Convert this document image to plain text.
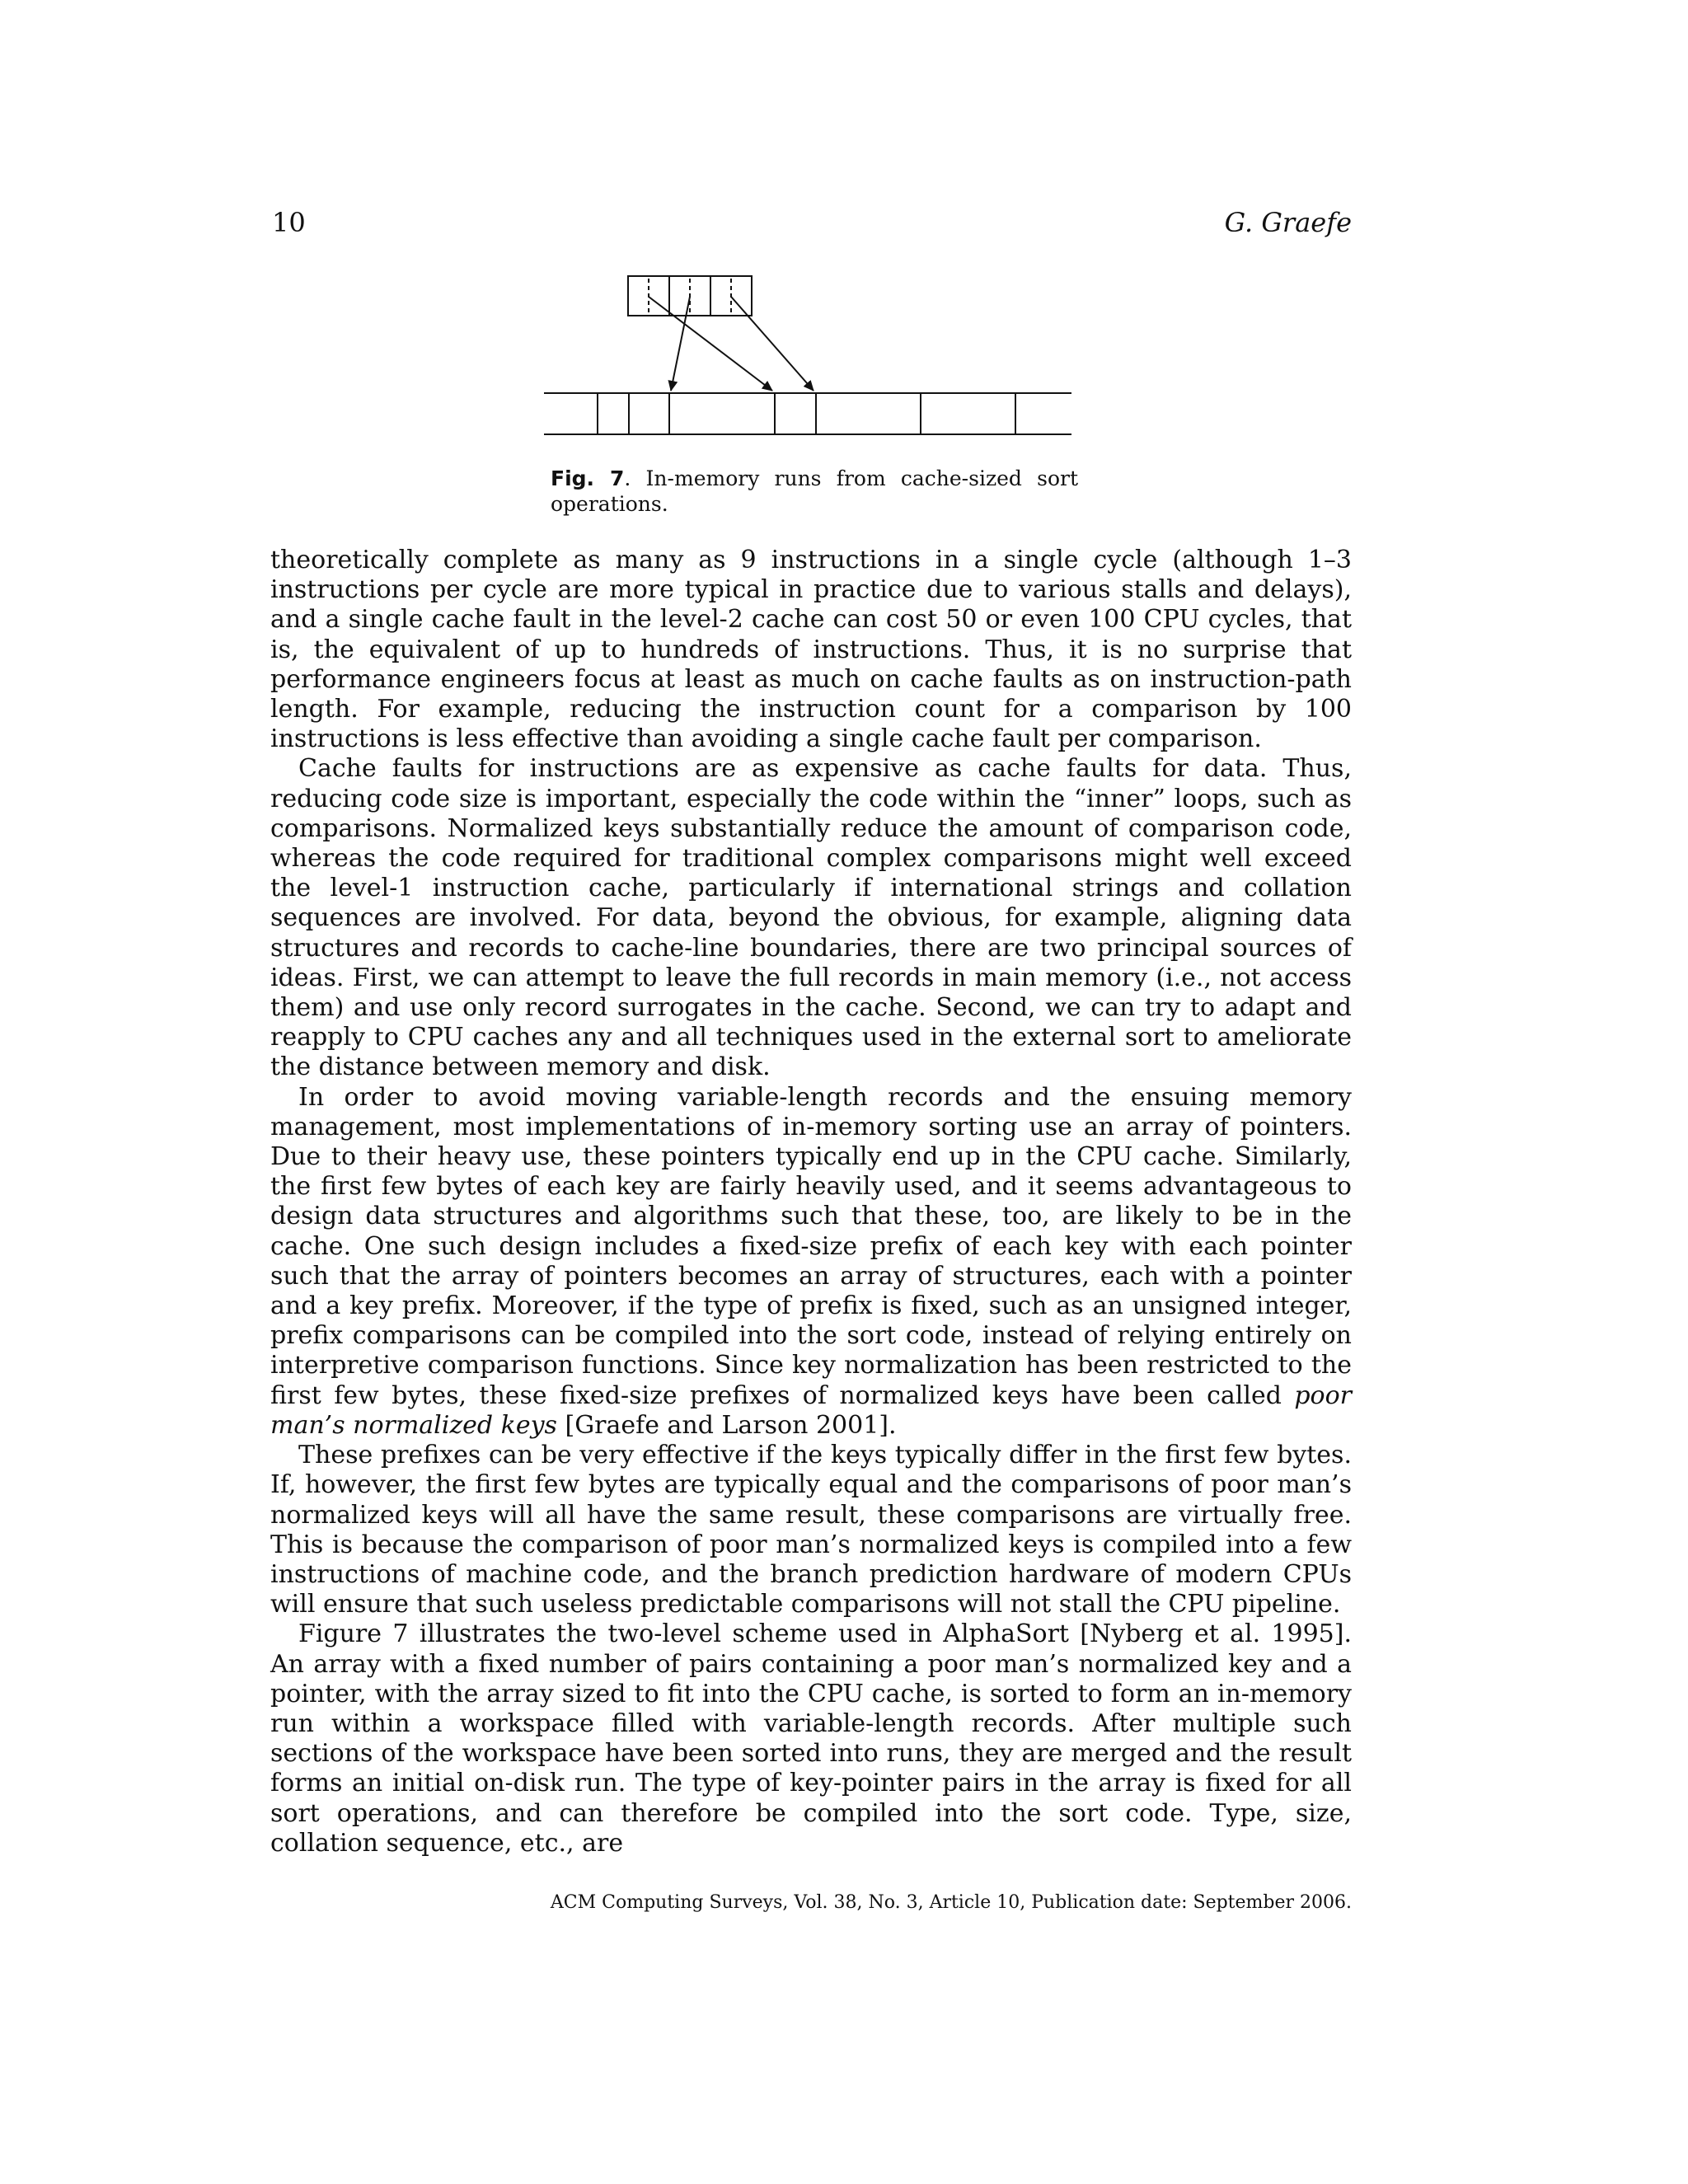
10	G. Graefe
Fig. 7. In-memory runs from cache-sized sort operations.

theoretically complete as many as 9 instructions in a single cycle (although 1–3 instructions per cycle are more typical in practice due to various stalls and delays), and a single cache fault in the level-2 cache can cost 50 or even 100 CPU cycles, that is, the equivalent of up to hundreds of instructions. Thus, it is no surprise that performance engineers focus at least as much on cache faults as on instruction-path length. For example, reducing the instruction count for a comparison by 100 instructions is less effective than avoiding a single cache fault per comparison.

Cache faults for instructions are as expensive as cache faults for data. Thus, reducing code size is important, especially the code within the “inner” loops, such as comparisons. Normalized keys substantially reduce the amount of comparison code, whereas the code required for traditional complex comparisons might well exceed the level-1 instruction cache, particularly if international strings and collation sequences are involved. For data, beyond the obvious, for example, aligning data structures and records to cache-line boundaries, there are two principal sources of ideas. First, we can attempt to leave the full records in main memory (i.e., not access them) and use only record surrogates in the cache. Second, we can try to adapt and reapply to CPU caches any and all techniques used in the external sort to ameliorate the distance between memory and disk.

In order to avoid moving variable-length records and the ensuing memory management, most implementations of in-memory sorting use an array of pointers. Due to their heavy use, these pointers typically end up in the CPU cache. Similarly, the first few bytes of each key are fairly heavily used, and it seems advantageous to design data structures and algorithms such that these, too, are likely to be in the cache. One such design includes a fixed-size prefix of each key with each pointer such that the array of pointers becomes an array of structures, each with a pointer and a key prefix. Moreover, if the type of prefix is fixed, such as an unsigned integer, prefix comparisons can be compiled into the sort code, instead of relying entirely on interpretive comparison functions. Since key normalization has been restricted to the first few bytes, these fixed-size prefixes of normalized keys have been called poor man’s normalized keys [Graefe and Larson 2001].

These prefixes can be very effective if the keys typically differ in the first few bytes. If, however, the first few bytes are typically equal and the comparisons of poor man’s normalized keys will all have the same result, these comparisons are virtually free. This is because the comparison of poor man’s normalized keys is compiled into a few instructions of machine code, and the branch prediction hardware of modern CPUs will ensure that such useless predictable comparisons will not stall the CPU pipeline.

Figure 7 illustrates the two-level scheme used in AlphaSort [Nyberg et al. 1995]. An array with a fixed number of pairs containing a poor man’s normalized key and a pointer, with the array sized to fit into the CPU cache, is sorted to form an in-memory run within a workspace filled with variable-length records. After multiple such sections of the workspace have been sorted into runs, they are merged and the result forms an initial on-disk run. The type of key-pointer pairs in the array is fixed for all sort operations, and can therefore be compiled into the sort code. Type, size, collation sequence, etc., are

ACM Computing Surveys, Vol. 38, No. 3, Article 10, Publication date: September 2006.
